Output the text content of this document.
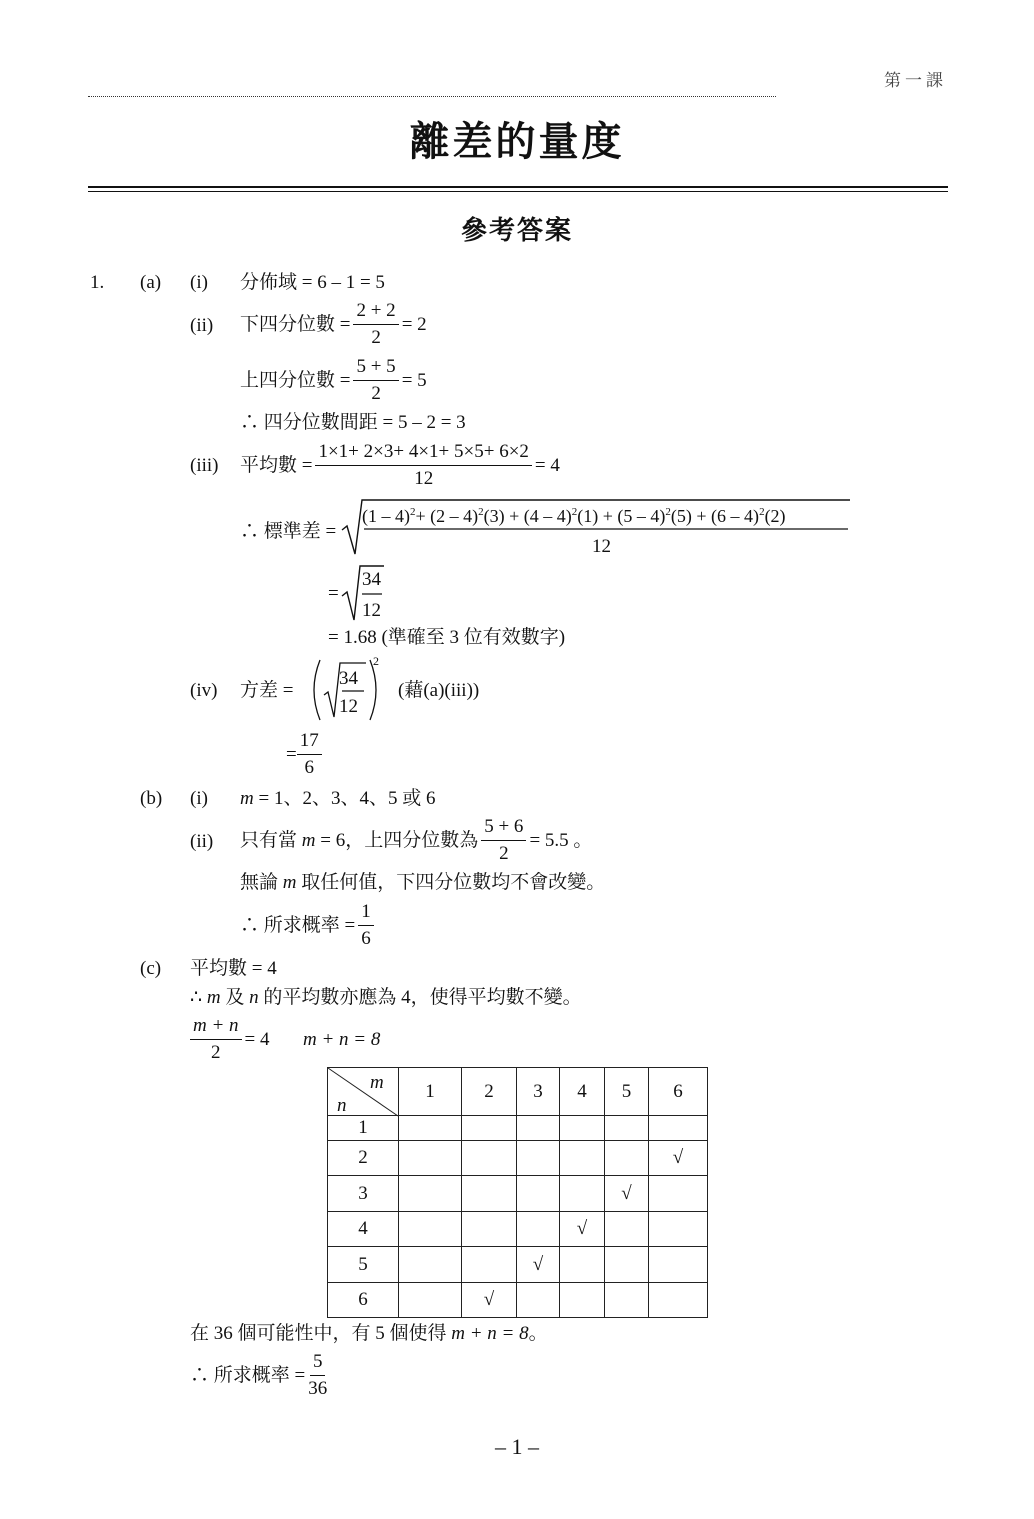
第一課
離差的量度
參考答案
1. (a) (i) 分佈域 = 6 – 1 = 5
(ii) 下四分位數 = $\frac{2 + 2}{2} = 2$
上四分位數 = $\frac{5 + 5}{2} = 5$
∴ 四分位數間距 = 5 – 2 = 3
(iii) 平均數 = $\frac{1\times 1+ 2\times 3+ 4\times 1+ 5\times 5+ 6\times 2}{12} = 4$
∴ 標準差 =
(1 – 4)$^2$+ (2 – 4)$^2$(3) + (4 – 4)$^2$(1) + (5 – 4)$^2$(5) + (6 – 4)$^2$(2)
12
=
34
12
= 1.68 (準確至 3 位有效數字)
(iv) 方差 =
34
12
2
(藉(a)(iii))
= $\frac{17}{6}$
(b) (i) m = 1、2、3、4、5 或 6
(ii) 只有當 m = 6，上四分位數為 $\frac{5 + 6}{2} = 5.5$ 。
無論 m 取任何值，下四分位數均不會改變。
∴ 所求概率 = $\frac{1}{6}$
(c) 平均數 = 4
∴ m 及 n 的平均數亦應為 4，使得平均數不變。
$\frac{m + n}{2} = 4$ m + n = 8
m
n	1	2	3	4	5	6
1						
2						√
3					√	
4				√		
5			√			
6		√				
在 36 個可能性中，有 5 個使得 m + n = 8。
∴ 所求概率 = $\frac{5}{36}$
– 1 –
